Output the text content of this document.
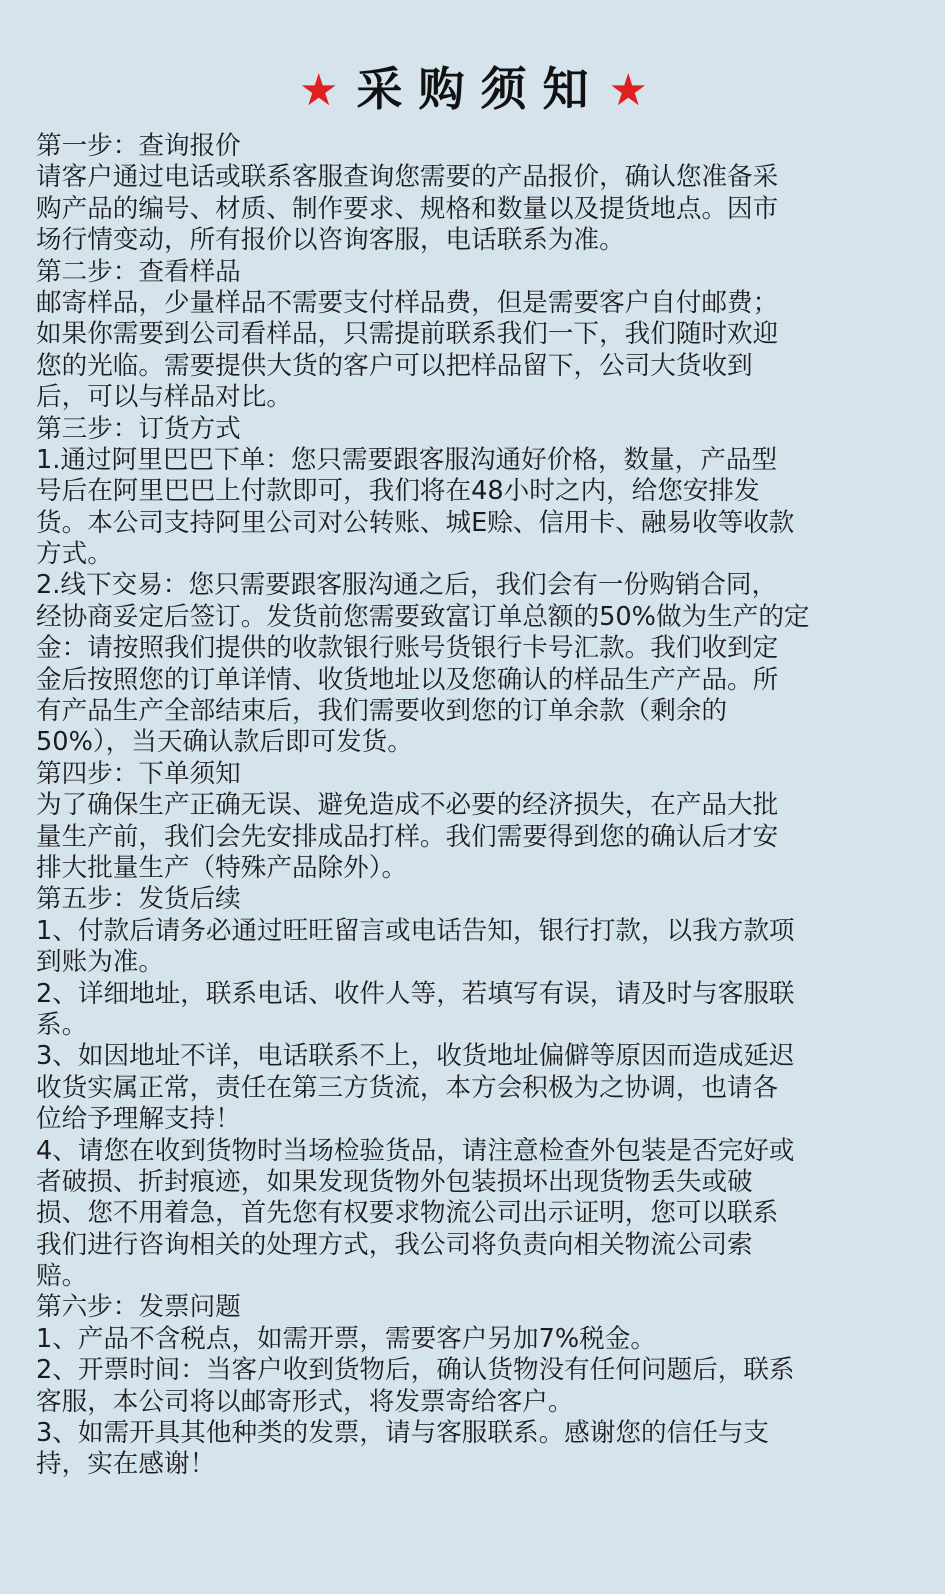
★ 采购须知 ★
第一步：查询报价
请客户通过电话或联系客服查询您需要的产品报价，确认您准备采
购产品的编号、材质、制作要求、规格和数量以及提货地点。因市
场行情变动，所有报价以咨询客服，电话联系为准。
第二步：查看样品
邮寄样品，少量样品不需要支付样品费，但是需要客户自付邮费；
如果你需要到公司看样品，只需提前联系我们一下，我们随时欢迎
您的光临。需要提供大货的客户可以把样品留下，公司大货收到
后，可以与样品对比。
第三步：订货方式
1.通过阿里巴巴下单：您只需要跟客服沟通好价格，数量，产品型
号后在阿里巴巴上付款即可，我们将在48小时之内，给您安排发
货。本公司支持阿里公司对公转账、城E赊、信用卡、融易收等收款
方式。
2.线下交易：您只需要跟客服沟通之后，我们会有一份购销合同，
经协商妥定后签订。发货前您需要致富订单总额的50%做为生产的定
金：请按照我们提供的收款银行账号货银行卡号汇款。我们收到定
金后按照您的订单详情、收货地址以及您确认的样品生产产品。所
有产品生产全部结束后，我们需要收到您的订单余款（剩余的
50%），当天确认款后即可发货。
第四步：下单须知
为了确保生产正确无误、避免造成不必要的经济损失，在产品大批
量生产前，我们会先安排成品打样。我们需要得到您的确认后才安
排大批量生产（特殊产品除外）。
第五步：发货后续
1、付款后请务必通过旺旺留言或电话告知，银行打款，以我方款项
到账为准。
2、详细地址，联系电话、收件人等，若填写有误，请及时与客服联
系。
3、如因地址不详，电话联系不上，收货地址偏僻等原因而造成延迟
收货实属正常，责任在第三方货流，本方会积极为之协调，也请各
位给予理解支持！
4、请您在收到货物时当场检验货品，请注意检查外包装是否完好或
者破损、折封痕迹，如果发现货物外包装损坏出现货物丢失或破
损、您不用着急，首先您有权要求物流公司出示证明，您可以联系
我们进行咨询相关的处理方式，我公司将负责向相关物流公司索
赔。
第六步：发票问题
1、产品不含税点，如需开票，需要客户另加7%税金。
2、开票时间：当客户收到货物后，确认货物没有任何问题后，联系
客服，本公司将以邮寄形式，将发票寄给客户。
3、如需开具其他种类的发票，请与客服联系。感谢您的信任与支
持，实在感谢！
